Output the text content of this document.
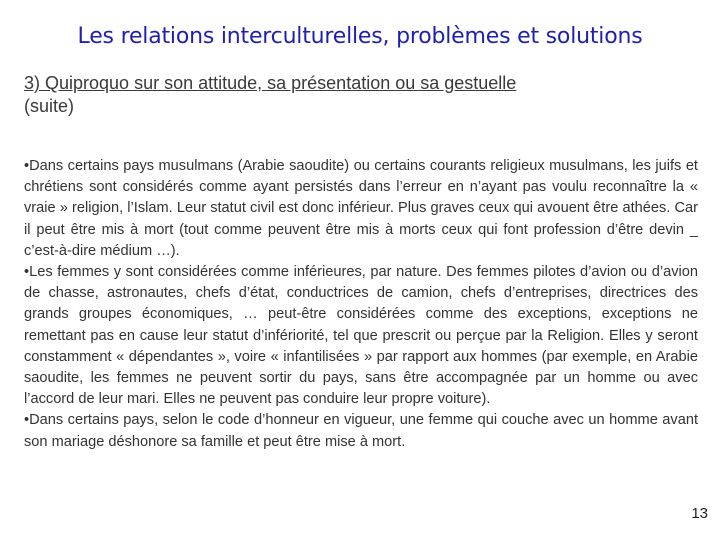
Les relations interculturelles, problèmes et solutions
3) Quiproquo sur son attitude, sa présentation ou sa gestuelle
(suite)

•Dans certains pays musulmans (Arabie saoudite) ou certains courants religieux musulmans, les juifs et chrétiens sont considérés comme ayant persistés dans l’erreur en n’ayant pas voulu reconnaître la « vraie » religion, l’Islam. Leur statut civil est donc inférieur. Plus graves ceux qui avouent être athées. Car il peut être mis à mort (tout comme peuvent être mis à morts ceux qui font profession d’être devin _ c’est-à-dire médium …).

•Les femmes y sont considérées comme inférieures, par nature. Des femmes pilotes d’avion ou d’avion de chasse, astronautes, chefs d’état, conductrices de camion, chefs d’entreprises, directrices des grands groupes économiques, … peut-être considérées comme des exceptions, exceptions ne remettant pas en cause leur statut d’infériorité, tel que prescrit ou perçue par la Religion. Elles y seront constamment « dépendantes », voire « infantilisées » par rapport aux hommes (par exemple, en Arabie saoudite, les femmes ne peuvent sortir du pays, sans être accompagnée par un homme ou avec l’accord de leur mari. Elles ne peuvent pas conduire leur propre voiture).

•Dans certains pays, selon le code d’honneur en vigueur, une femme qui couche avec un homme avant son mariage déshonore sa famille et peut être mise à mort.

13
